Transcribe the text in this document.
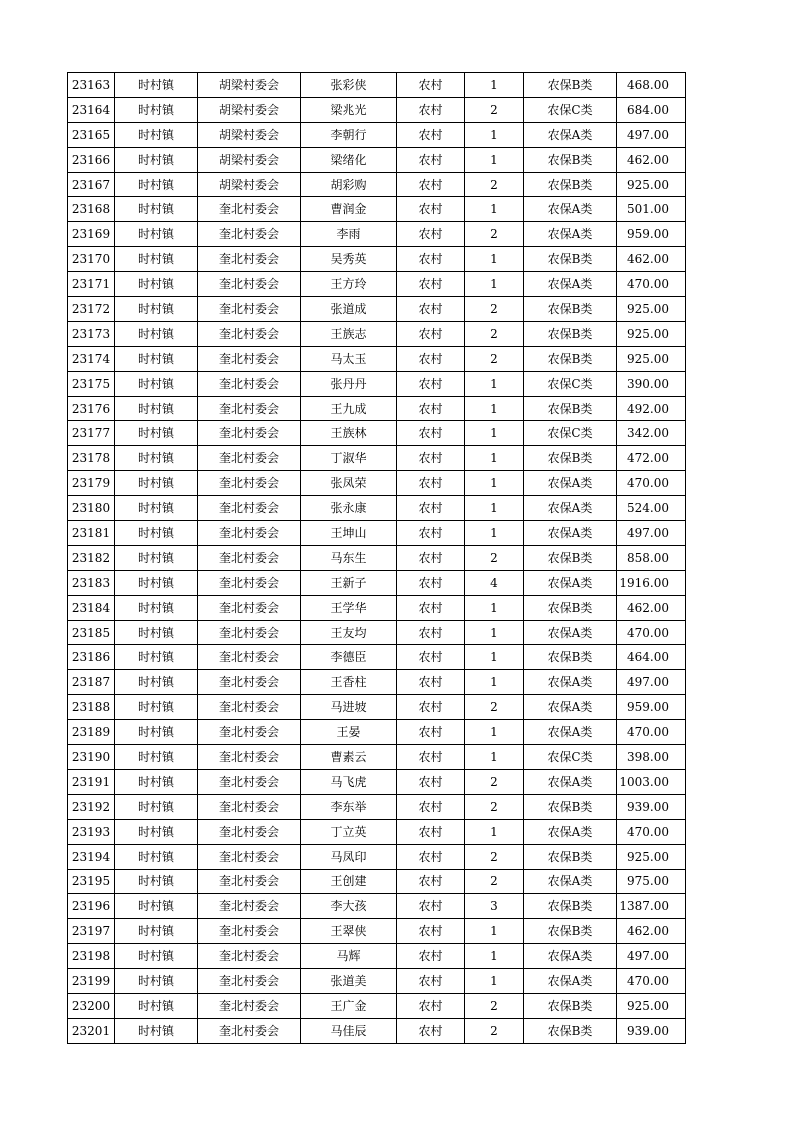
23163	时村镇	胡梁村委会	张彩侠	农村	1	农保B类	468.00
23164	时村镇	胡梁村委会	梁兆光	农村	2	农保C类	684.00
23165	时村镇	胡梁村委会	李朝行	农村	1	农保A类	497.00
23166	时村镇	胡梁村委会	梁绪化	农村	1	农保B类	462.00
23167	时村镇	胡梁村委会	胡彩购	农村	2	农保B类	925.00
23168	时村镇	奎北村委会	曹润金	农村	1	农保A类	501.00
23169	时村镇	奎北村委会	李雨	农村	2	农保A类	959.00
23170	时村镇	奎北村委会	吴秀英	农村	1	农保B类	462.00
23171	时村镇	奎北村委会	王方玲	农村	1	农保A类	470.00
23172	时村镇	奎北村委会	张道成	农村	2	农保B类	925.00
23173	时村镇	奎北村委会	王族志	农村	2	农保B类	925.00
23174	时村镇	奎北村委会	马太玉	农村	2	农保B类	925.00
23175	时村镇	奎北村委会	张丹丹	农村	1	农保C类	390.00
23176	时村镇	奎北村委会	王九成	农村	1	农保B类	492.00
23177	时村镇	奎北村委会	王族林	农村	1	农保C类	342.00
23178	时村镇	奎北村委会	丁淑华	农村	1	农保B类	472.00
23179	时村镇	奎北村委会	张凤荣	农村	1	农保A类	470.00
23180	时村镇	奎北村委会	张永康	农村	1	农保A类	524.00
23181	时村镇	奎北村委会	王坤山	农村	1	农保A类	497.00
23182	时村镇	奎北村委会	马东生	农村	2	农保B类	858.00
23183	时村镇	奎北村委会	王新子	农村	4	农保A类	1916.00
23184	时村镇	奎北村委会	王学华	农村	1	农保B类	462.00
23185	时村镇	奎北村委会	王友均	农村	1	农保A类	470.00
23186	时村镇	奎北村委会	李德臣	农村	1	农保B类	464.00
23187	时村镇	奎北村委会	王香柱	农村	1	农保A类	497.00
23188	时村镇	奎北村委会	马进坡	农村	2	农保A类	959.00
23189	时村镇	奎北村委会	王晏	农村	1	农保A类	470.00
23190	时村镇	奎北村委会	曹素云	农村	1	农保C类	398.00
23191	时村镇	奎北村委会	马飞虎	农村	2	农保A类	1003.00
23192	时村镇	奎北村委会	李东举	农村	2	农保B类	939.00
23193	时村镇	奎北村委会	丁立英	农村	1	农保A类	470.00
23194	时村镇	奎北村委会	马凤印	农村	2	农保B类	925.00
23195	时村镇	奎北村委会	王创建	农村	2	农保A类	975.00
23196	时村镇	奎北村委会	李大孩	农村	3	农保B类	1387.00
23197	时村镇	奎北村委会	王翠侠	农村	1	农保B类	462.00
23198	时村镇	奎北村委会	马辉	农村	1	农保A类	497.00
23199	时村镇	奎北村委会	张道美	农村	1	农保A类	470.00
23200	时村镇	奎北村委会	王广金	农村	2	农保B类	925.00
23201	时村镇	奎北村委会	马佳辰	农村	2	农保B类	939.00
